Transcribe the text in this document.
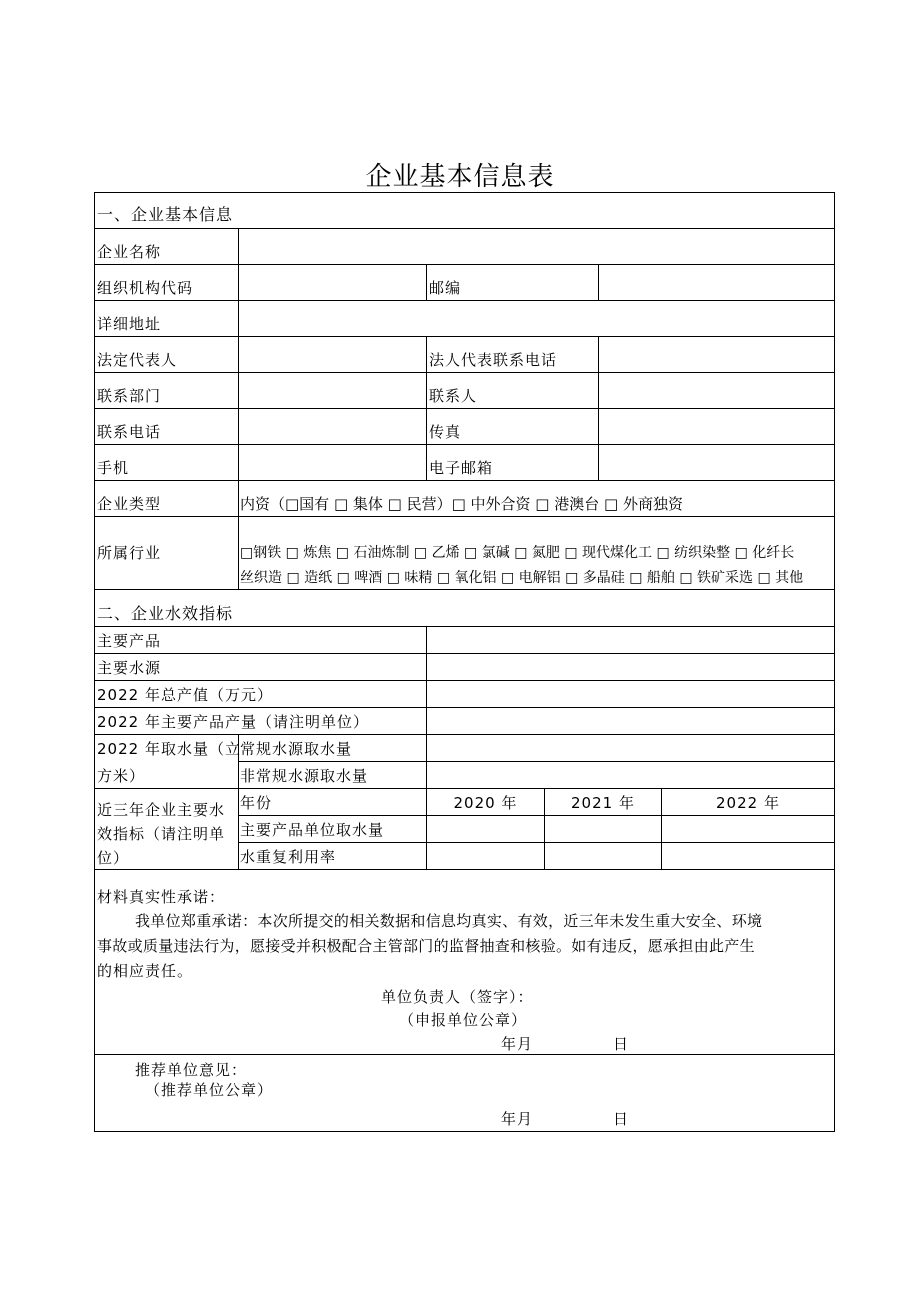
企业基本信息表
一、企业基本信息
企业名称
组织机构代码	邮编
详细地址
法定代表人	法人代表联系电话
联系部门	联系人
联系电话	传真
手机	电子邮箱
企业类型	内资（□国有 □ 集体 □ 民营）□ 中外合资 □ 港澳台 □ 外商独资
所属行业	□钢铁 □ 炼焦 □ 石油炼制 □ 乙烯 □ 氯碱 □ 氮肥 □ 现代煤化工 □ 纺织染整 □ 化纤长
丝织造 □ 造纸 □ 啤酒 □ 味精 □ 氧化铝 □ 电解铝 □ 多晶硅 □ 船舶 □ 铁矿采选 □ 其他
二、企业水效指标
主要产品
主要水源
2022 年总产值（万元）
2022 年主要产品产量（请注明单位）
2022 年取水量（立
方米）
常规水源取水量
非常规水源取水量
近三年企业主要水
效指标（请注明单
位）
年份	2020 年	2021 年	2022 年
主要产品单位取水量
水重复利用率
材料真实性承诺：
我单位郑重承诺：本次所提交的相关数据和信息均真实、有效，近三年未发生重大安全、环境
事故或质量违法行为，愿接受并积极配合主管部门的监督抽查和核验。如有违反，愿承担由此产生
的相应责任。
单位负责人（签字）：
（申报单位公章）
年月	日
推荐单位意见：
（推荐单位公章）
年月	日
